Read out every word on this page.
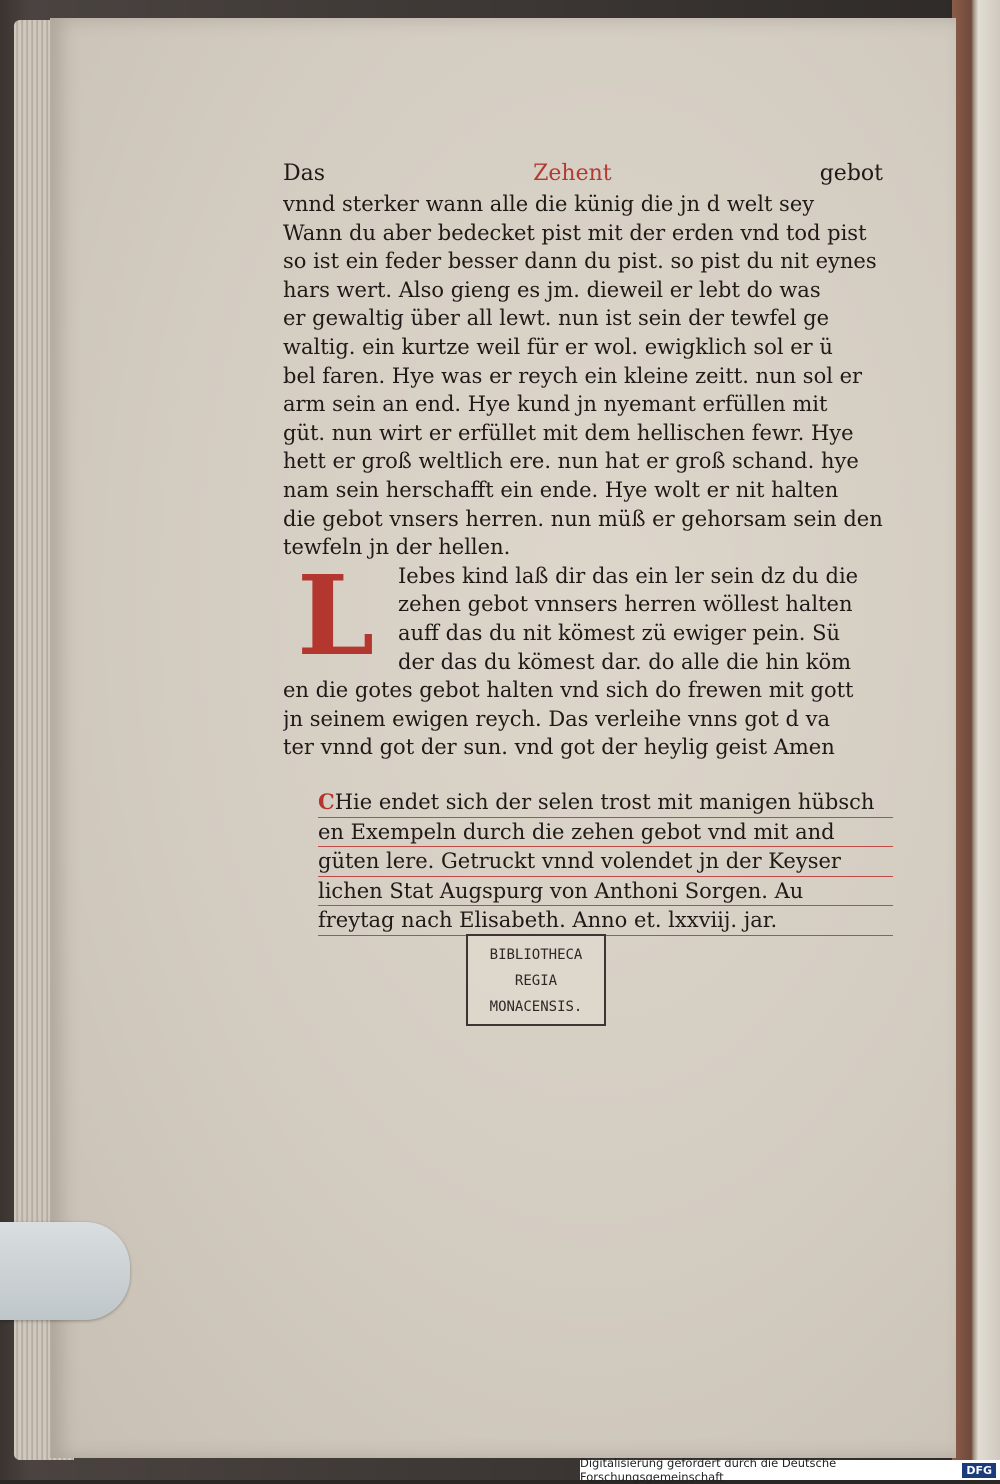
Das	Zehent	gebot
vnnd sterker wann alle die künig die jn d welt sey
Wann du aber bedecket pist mit der erden vnd tod pist
so ist ein feder besser dann du pist. so pist du nit eynes
hars wert. Also gieng es jm. dieweil er lebt do was
er gewaltig über all lewt. nun ist sein der tewfel ge
waltig. ein kurtze weil für er wol. ewigklich sol er ü
bel faren. Hye was er reych ein kleine zeitt. nun sol er
arm sein an end. Hye kund jn nyemant erfüllen mit
güt. nun wirt er erfüllet mit dem hellischen fewr. Hye
hett er groß weltlich ere. nun hat er groß schand. hye
nam sein herschafft ein ende. Hye wolt er nit halten
die gebot vnsers herren. nun müß er gehorsam sein den
tewfeln jn der hellen.
L	Iebes kind laß dir das ein ler sein dz du die
zehen gebot vnnsers herren wöllest halten
auff das du nit kömest zü ewiger pein. Sü
der das du kömest dar. do alle die hin köm
en die gotes gebot halten vnd sich do frewen mit gott
jn seinem ewigen reych. Das verleihe vnns got d va
ter vnnd got der sun. vnd got der heylig geist Amen
CHie endet sich der selen trost mit manigen hübsch
en Exempeln durch die zehen gebot vnd mit and
güten lere. Getruckt vnnd volendet jn der Keyser
lichen Stat Augspurg von Anthoni Sorgen. Au
freytag nach Elisabeth. Anno et. lxxviij. jar.
BIBLIOTHECA
REGIA
MONACENSIS.
Digitalisierung gefördert durch die Deutsche Forschungsgemeinschaft	DFG
